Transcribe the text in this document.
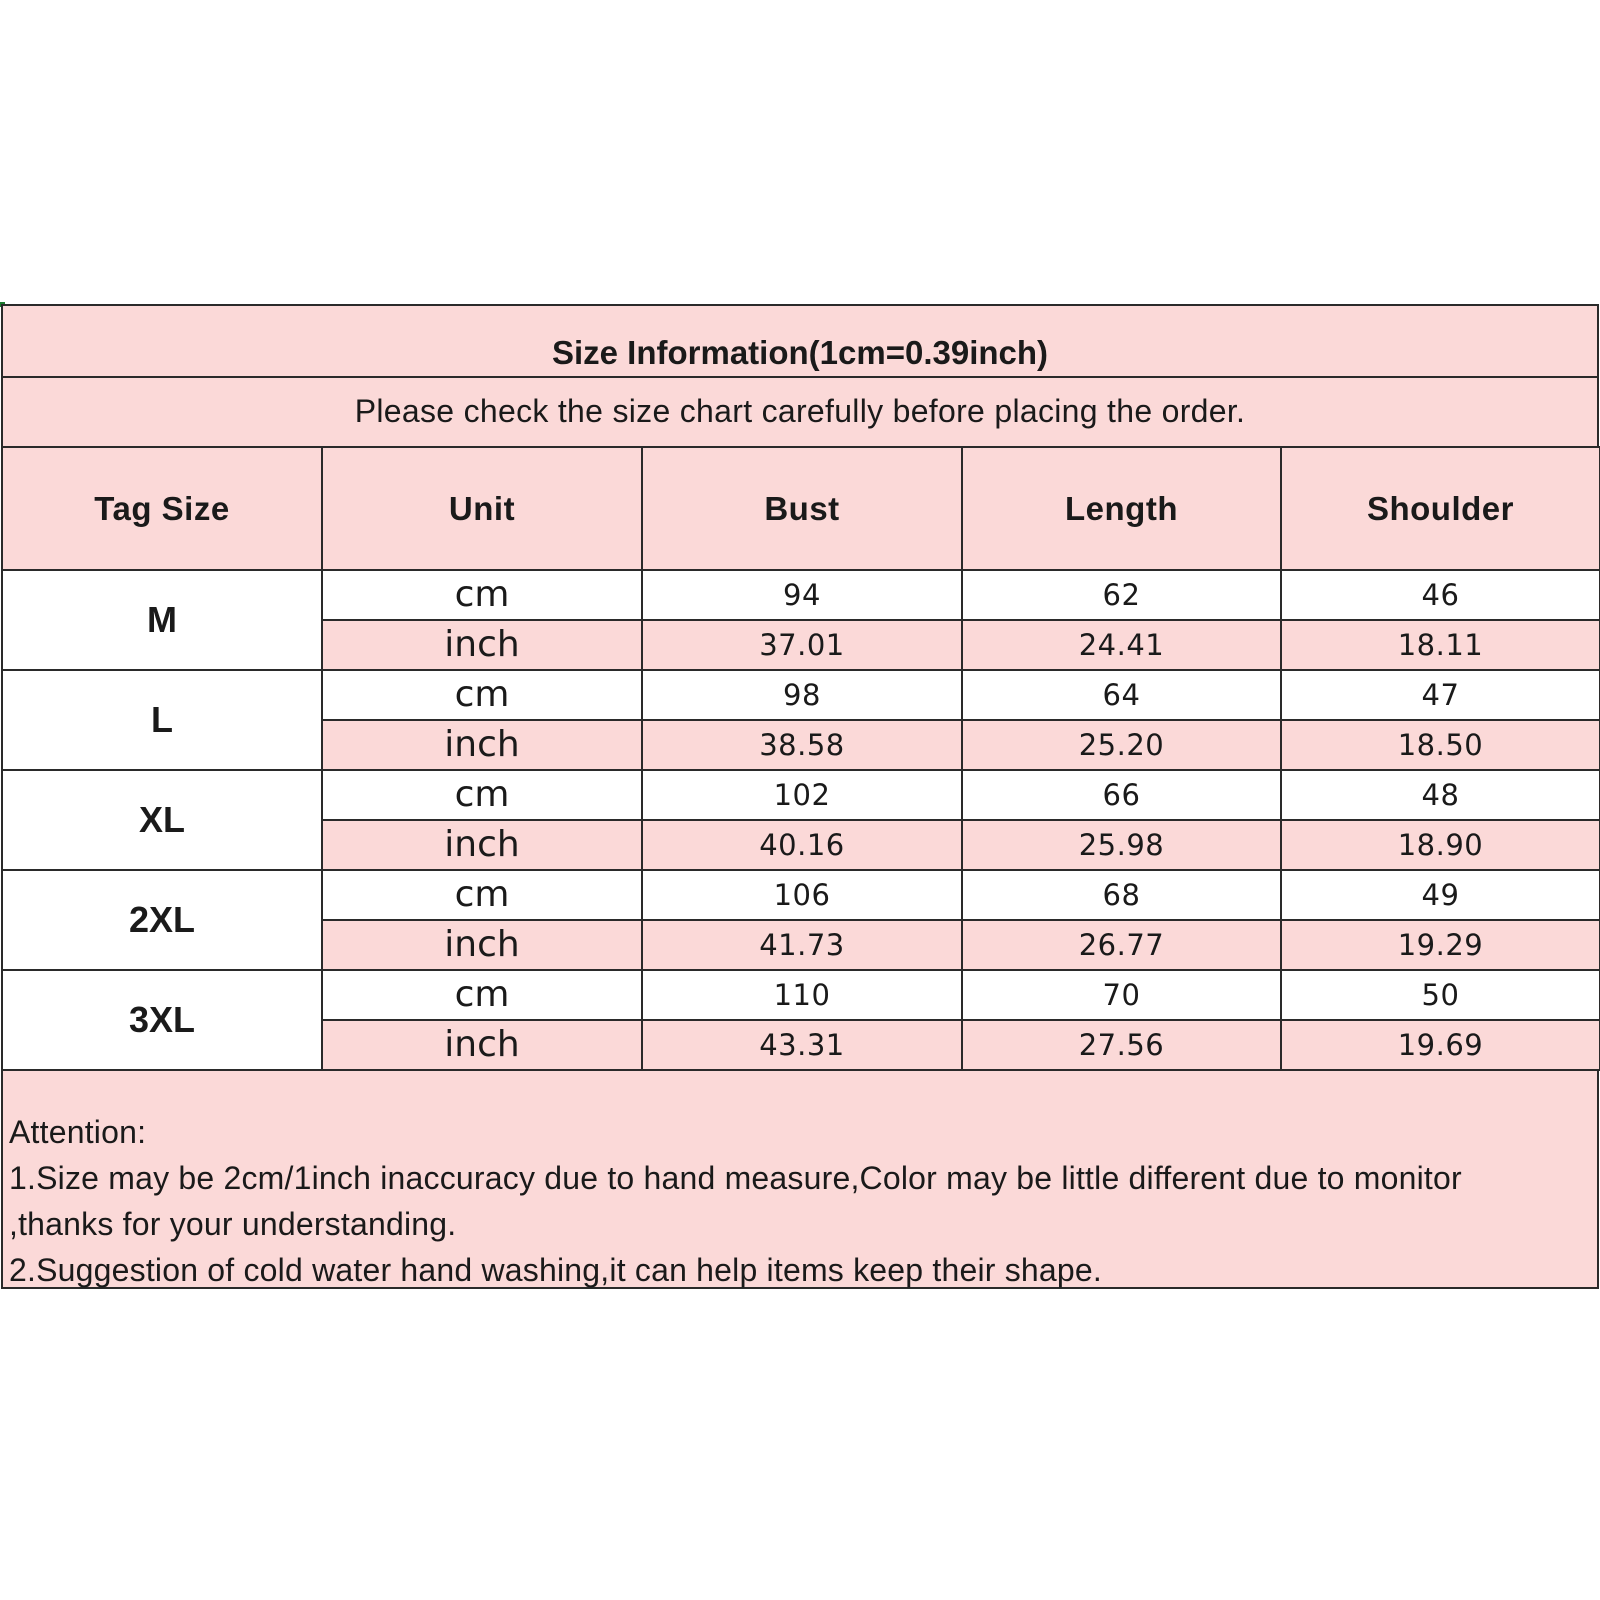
Size Information(1cm=0.39inch)
Please check the size chart carefully before placing the order.
Tag Size	Unit	Bust	Length	Shoulder
M	cm	94	62	46
	inch	37.01	24.41	18.11
L	cm	98	64	47
	inch	38.58	25.20	18.50
XL	cm	102	66	48
	inch	40.16	25.98	18.90
2XL	cm	106	68	49
	inch	41.73	26.77	19.29
3XL	cm	110	70	50
	inch	43.31	27.56	19.69
Attention:
1.Size may be 2cm/1inch inaccuracy due to hand measure,Color may be little different due to monitor
,thanks for your understanding.
2.Suggestion of cold water hand washing,it can help items keep their shape.
